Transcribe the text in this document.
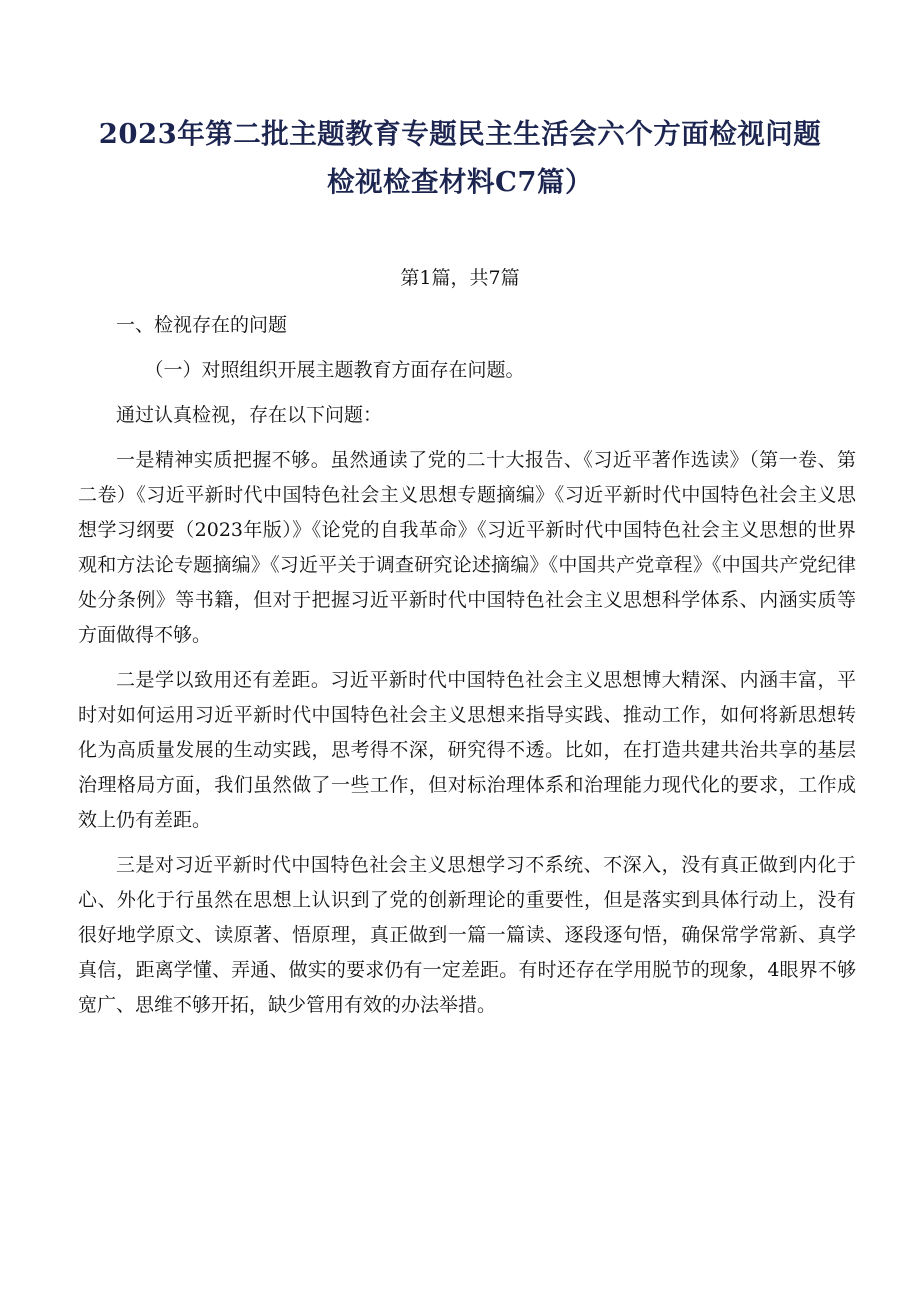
2023年第二批主题教育专题民主生活会六个方面检视问题
检视检查材料C7篇）
第1篇，共7篇

一、检视存在的问题

（一）对照组织开展主题教育方面存在问题。

通过认真检视，存在以下问题：

一是精神实质把握不够。虽然通读了党的二十大报告、《习近平著作选读》（第一卷、第二卷）《习近平新时代中国特色社会主义思想专题摘编》《习近平新时代中国特色社会主义思想学习纲要（2023年版）》《论党的自我革命》《习近平新时代中国特色社会主义思想的世界观和方法论专题摘编》《习近平关于调查研究论述摘编》《中国共产党章程》《中国共产党纪律处分条例》等书籍，但对于把握习近平新时代中国特色社会主义思想科学体系、内涵实质等方面做得不够。

二是学以致用还有差距。习近平新时代中国特色社会主义思想博大精深、内涵丰富，平时对如何运用习近平新时代中国特色社会主义思想来指导实践、推动工作，如何将新思想转化为高质量发展的生动实践，思考得不深，研究得不透。比如，在打造共建共治共享的基层治理格局方面，我们虽然做了一些工作，但对标治理体系和治理能力现代化的要求，工作成效上仍有差距。

三是对习近平新时代中国特色社会主义思想学习不系统、不深入，没有真正做到内化于心、外化于行虽然在思想上认识到了党的创新理论的重要性，但是落实到具体行动上，没有很好地学原文、读原著、悟原理，真正做到一篇一篇读、逐段逐句悟，确保常学常新、真学真信，距离学懂、弄通、做实的要求仍有一定差距。有时还存在学用脱节的现象，4眼界不够宽广、思维不够开拓，缺少管用有效的办法举措。
